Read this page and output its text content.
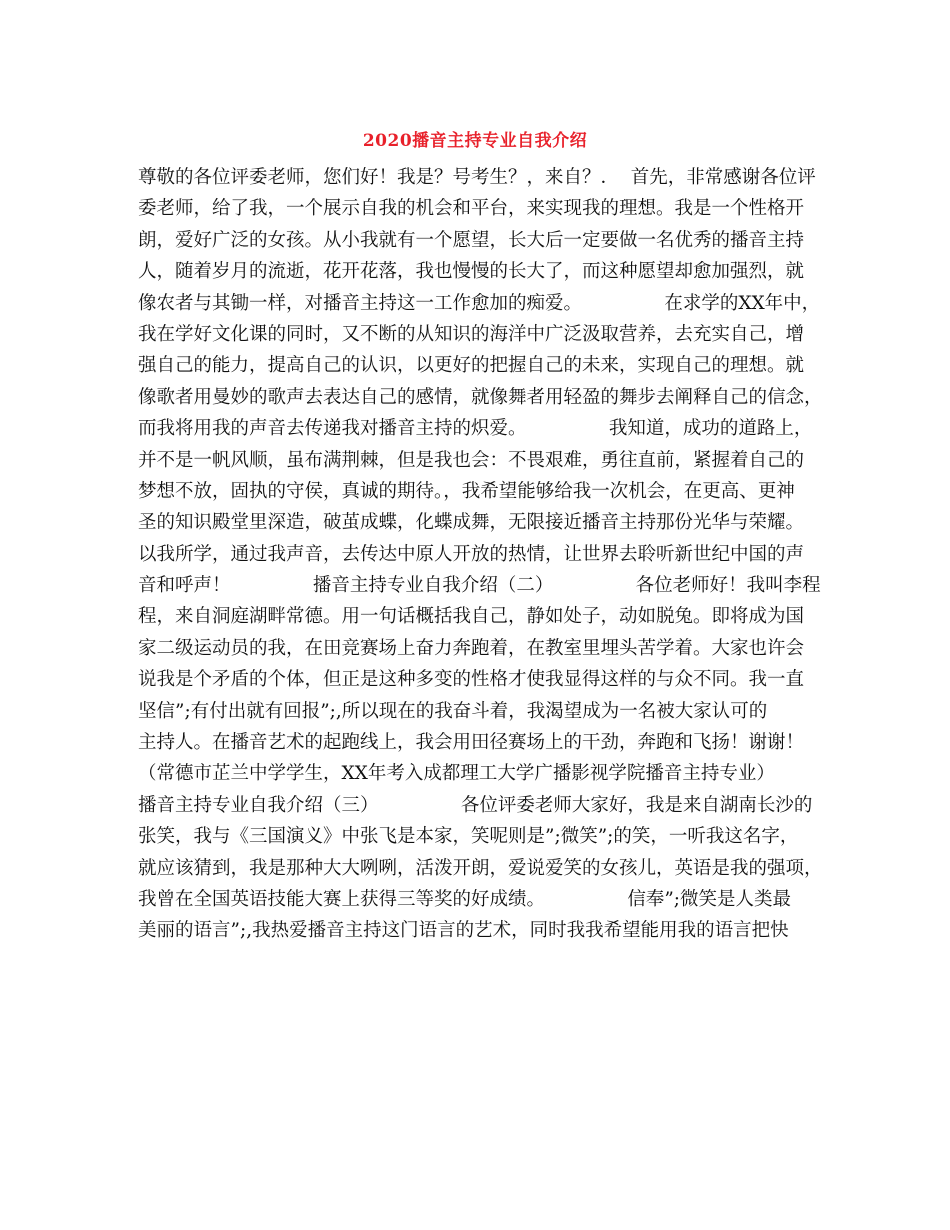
2020播音主持专业自我介绍
尊敬的各位评委老师，您们好！我是？号考生？，来自？．  首先，非常感谢各位评
委老师，给了我，一个展示自我的机会和平台，来实现我的理想。我是一个性格开
朗，爱好广泛的女孩。从小我就有一个愿望，长大后一定要做一名优秀的播音主持
人，随着岁月的流逝，花开花落，我也慢慢的长大了，而这种愿望却愈加强烈，就
像农者与其锄一样，对播音主持这一工作愈加的痴爱。              在求学的XX年中，
我在学好文化课的同时，又不断的从知识的海洋中广泛汲取营养，去充实自己，增
强自己的能力，提高自己的认识，以更好的把握自己的未来，实现自己的理想。就
像歌者用曼妙的歌声去表达自己的感情，就像舞者用轻盈的舞步去阐释自己的信念，
而我将用我的声音去传递我对播音主持的炽爱。              我知道，成功的道路上，
并不是一帆风顺，虽布满荆棘，但是我也会：不畏艰难，勇往直前，紧握着自己的
梦想不放，固执的守侯，真诚的期待。，我希望能够给我一次机会，在更高、更神
圣的知识殿堂里深造，破茧成蝶，化蝶成舞，无限接近播音主持那份光华与荣耀。
以我所学，通过我声音，去传达中原人开放的热情，让世界去聆听新世纪中国的声
音和呼声！              播音主持专业自我介绍（二）              各位老师好！我叫李程
程，来自洞庭湖畔常德。用一句话概括我自己，静如处子，动如脱兔。即将成为国
家二级运动员的我，在田竞赛场上奋力奔跑着，在教室里埋头苦学着。大家也许会
说我是个矛盾的个体，但正是这种多变的性格才使我显得这样的与众不同。我一直
坚信”;有付出就有回报”;,所以现在的我奋斗着，我渴望成为一名被大家认可的
主持人。在播音艺术的起跑线上，我会用田径赛场上的干劲，奔跑和飞扬！谢谢！
（常德市芷兰中学学生，XX年考入成都理工大学广播影视学院播音主持专业）
播音主持专业自我介绍（三）              各位评委老师大家好，我是来自湖南长沙的
张笑，我与《三国演义》中张飞是本家，笑呢则是”;微笑”;的笑，一听我这名字，
就应该猜到，我是那种大大咧咧，活泼开朗，爱说爱笑的女孩儿，英语是我的强项，
我曾在全国英语技能大赛上获得三等奖的好成绩。              信奉”;微笑是人类最
美丽的语言”;,我热爱播音主持这门语言的艺术，同时我我希望能用我的语言把快
